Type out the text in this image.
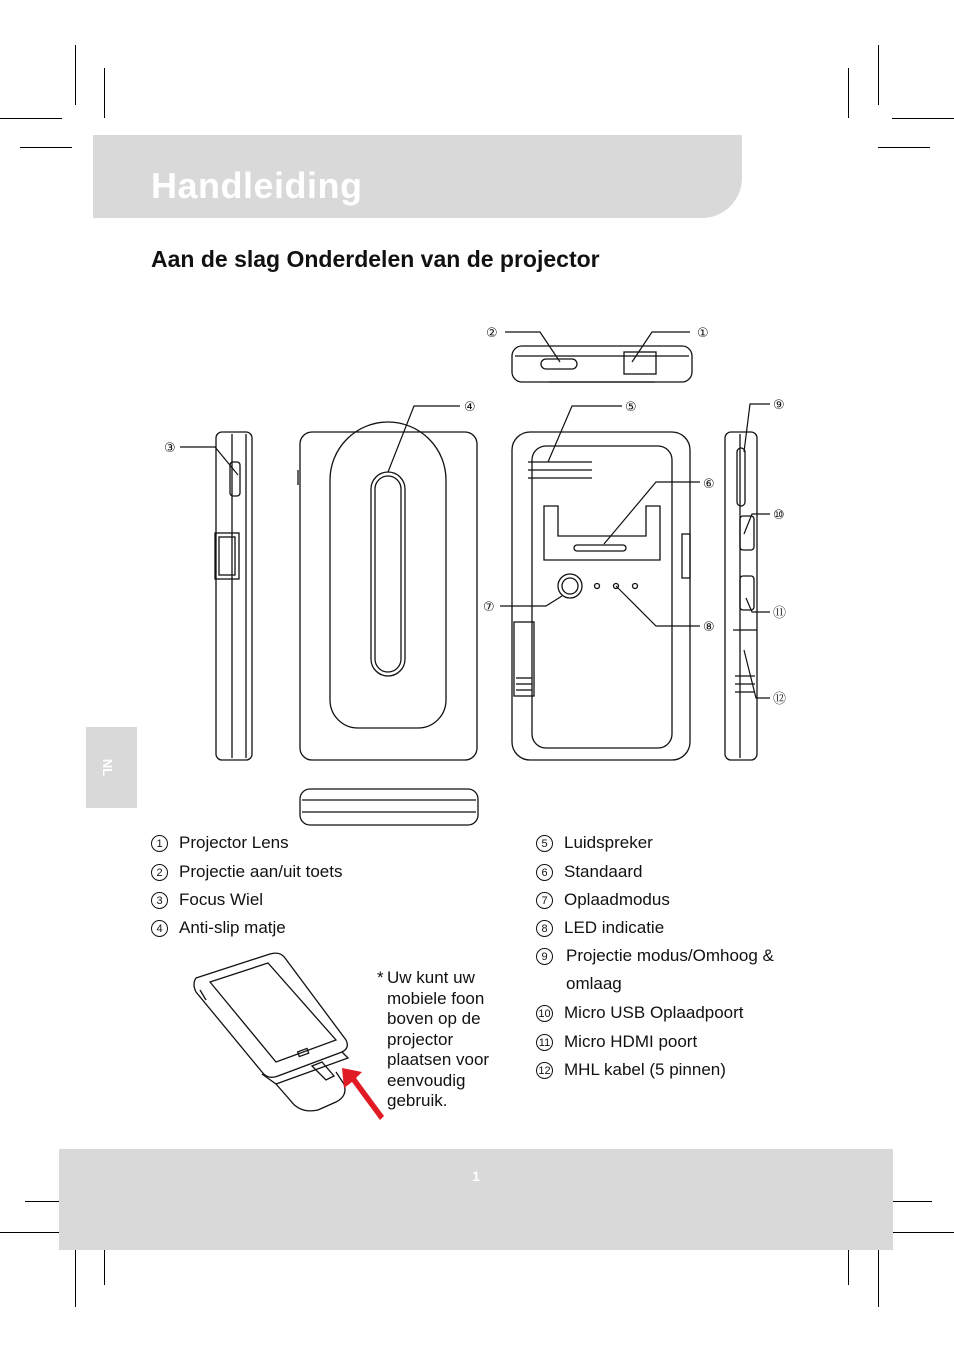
Handleiding
Aan de slag Onderdelen van de projector
NL
①
②
③
④	⑤
⑥
⑦
⑧
⑨
⑩
⑪
⑫
1 Projector Lens
2 Projectie aan/uit toets
3 Focus Wiel
4 Anti-slip matje
5 Luidspreker
6 Standaard
7 Oplaadmodus
8 LED indicatie
9	Projectie modus/Omhoog & omlaag
10 Micro USB Oplaadpoort
11 Micro HDMI poort
12 MHL kabel (5 pinnen)
* Uw kunt uw mobiele foon boven op de projector plaatsen voor eenvoudig gebruik.
1
